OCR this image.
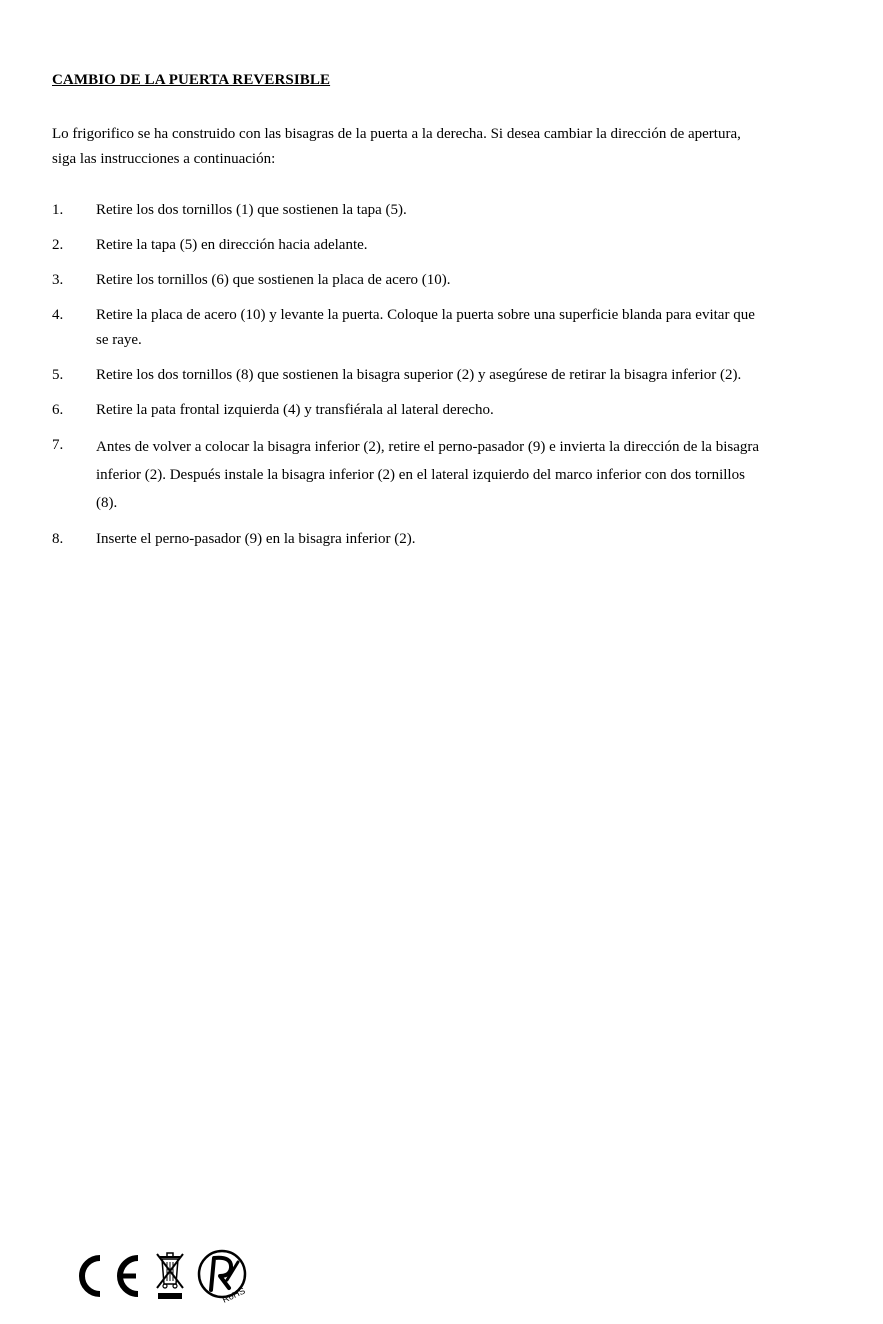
CAMBIO DE LA PUERTA REVERSIBLE

Lo frigorifico se ha construido con las bisagras de la puerta a la derecha. Si desea cambiar la dirección de apertura, siga las instrucciones a continuación:

1.	Retire los dos tornillos (1) que sostienen la tapa (5).
2.	Retire la tapa (5) en dirección hacia adelante.
3.	Retire los tornillos (6) que sostienen la placa de acero (10).
4.	Retire la placa de acero (10) y levante la puerta. Coloque la puerta sobre una superficie blanda para evitar que se raye.
5.	Retire los dos tornillos (8) que sostienen la bisagra superior (2) y asegúrese de retirar la bisagra inferior (2).
6.	Retire la pata frontal izquierda (4) y transfiérala al lateral derecho.
7.	Antes de volver a colocar la bisagra inferior (2), retire el perno-pasador (9) e invierta la dirección de la bisagra inferior (2). Después instale la bisagra inferior (2) en el lateral izquierdo del marco inferior con dos tornillos (8).
8.	Inserte el perno-pasador (9) en la bisagra inferior (2).
RoHS
